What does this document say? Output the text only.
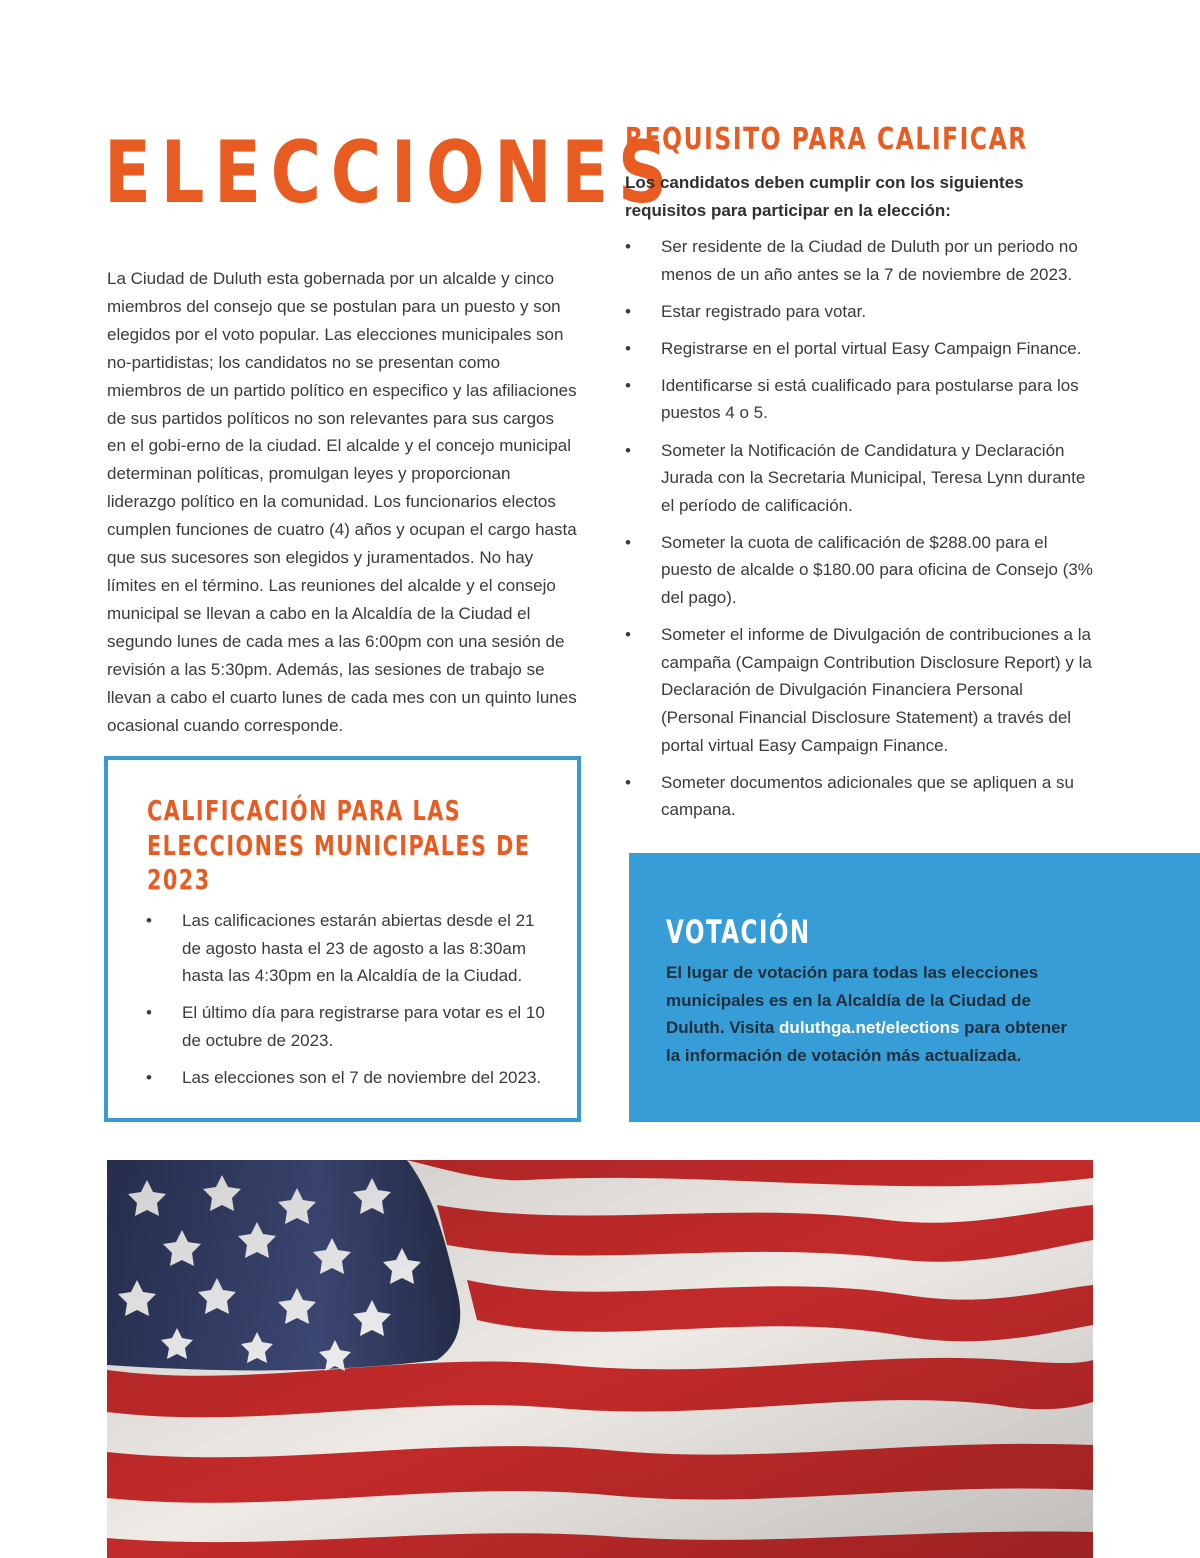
ELECCIONES

La Ciudad de Duluth esta gobernada por un alcalde y cinco miembros del consejo que se postulan para un puesto y son elegidos por el voto popular. Las elecciones municipales son no-partidistas; los candidatos no se presentan como miembros de un partido político en especifico y las afiliaciones de sus partidos políticos no son relevantes para sus cargos en el gobi-erno de la ciudad. El alcalde y el concejo municipal determinan políticas, promulgan leyes y proporcionan liderazgo político en la comunidad. Los funcionarios electos cumplen funciones de cuatro (4) años y ocupan el cargo hasta que sus sucesores son elegidos y juramentados. No hay límites en el término. Las reuniones del alcalde y el consejo municipal se llevan a cabo en la Alcaldía de la Ciudad el segundo lunes de cada mes a las 6:00pm con una sesión de revisión a las 5:30pm. Además, las sesiones de trabajo se llevan a cabo el cuarto lunes de cada mes con un quinto lunes ocasional cuando corresponde.

CALIFICACIÓN PARA LAS
ELECCIONES MUNICIPALES DE
2023
• Las calificaciones estarán abiertas desde el 21 de agosto hasta el 23 de agosto a las 8:30am hasta las 4:30pm en la Alcaldía de la Ciudad.
• El último día para registrarse para votar es el 10 de octubre de 2023.
• Las elecciones son el 7 de noviembre del 2023.
REQUISITO PARA CALIFICAR

Los candidatos deben cumplir con los siguientes requisitos para participar en la elección:

• Ser residente de la Ciudad de Duluth por un periodo no menos de un año antes se la 7 de noviembre de 2023.
• Estar registrado para votar.
• Registrarse en el portal virtual Easy Campaign Finance.
• Identificarse si está cualificado para postularse para los puestos 4 o 5.
• Someter la Notificación de Candidatura y Declaración Jurada con la Secretaria Municipal, Teresa Lynn durante el período de calificación.
• Someter la cuota de calificación de $288.00 para el puesto de alcalde o $180.00 para oficina de Consejo (3% del pago).
• Someter el informe de Divulgación de contribuciones a la campaña (Campaign Contribution Disclosure Report) y la Declaración de Divulgación Financiera Personal (Personal Financial Disclosure Statement) a través del portal virtual Easy Campaign Finance.
• Someter documentos adicionales que se apliquen a su campana.
VOTACIÓN

El lugar de votación para todas las elecciones municipales es en la Alcaldía de la Ciudad de Duluth. Visita duluthga.net/elections para obtener la información de votación más actualizada.
